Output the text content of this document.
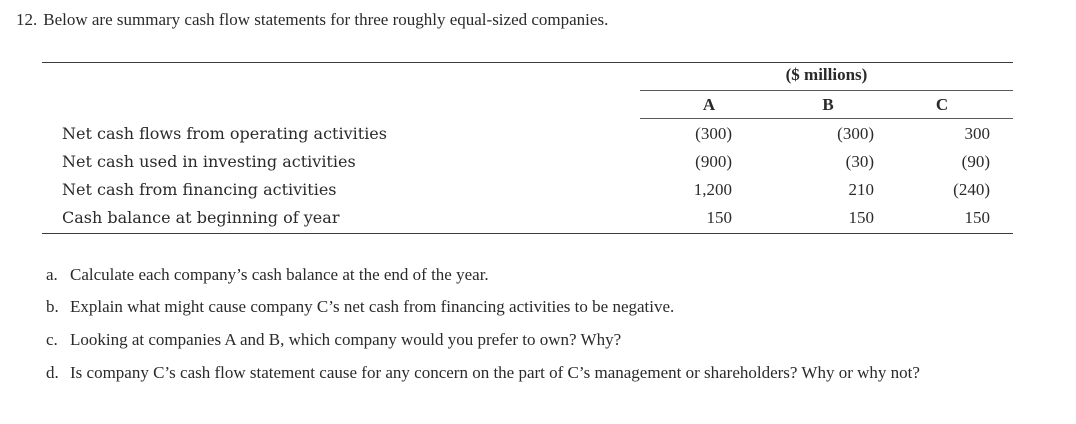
12. Below are summary cash flow statements for three roughly equal-sized companies.
($ millions)
A	B	C
Net cash flows from operating activities	(300)	(300)	300
Net cash used in investing activities	(900)	(30)	(90)
Net cash from financing activities	1,200	210	(240)
Cash balance at beginning of year	150	150	150
a. Calculate each company’s cash balance at the end of the year.
b. Explain what might cause company C’s net cash from financing activities to be negative.
c. Looking at companies A and B, which company would you prefer to own? Why?
d. Is company C’s cash flow statement cause for any concern on the part of C’s management or shareholders? Why or why not?
